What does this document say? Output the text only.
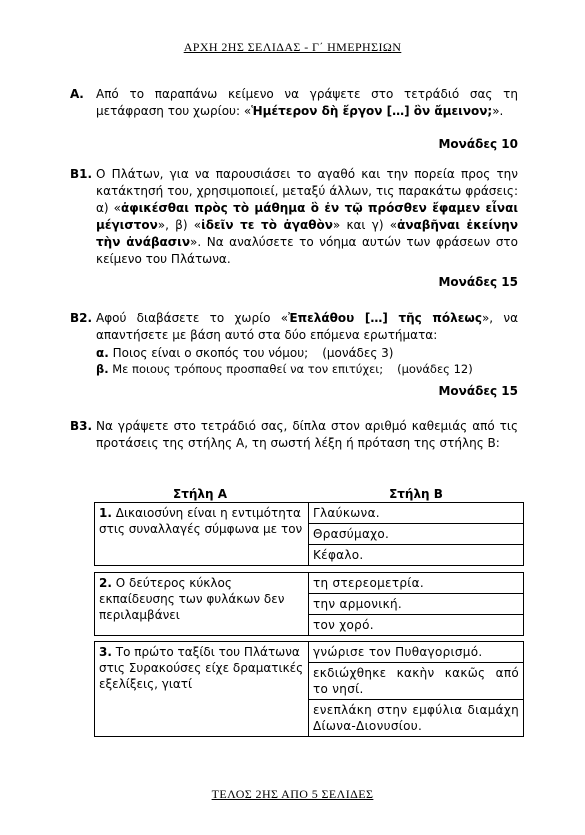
ΑΡΧΗ 2ΗΣ ΣΕΛΙΔΑΣ - Γ΄ ΗΜΕΡΗΣΙΩΝ
Α. Από το παραπάνω κείμενο να γράψετε στο τετράδιό σας τη μετάφραση του χωρίου: «Ἡμέτερον δὴ ἔργον […] ὂν ἄμεινον;».
Μονάδες 10
Β1. Ο Πλάτων, για να παρουσιάσει το αγαθό και την πορεία προς την κατάκτησή του, χρησιμοποιεί, μεταξύ άλλων, τις παρακάτω φράσεις: α) «ἀφικέσθαι πρὸς τὸ μάθημα ὃ ἐν τῷ πρόσθεν ἔφαμεν εἶναι μέγιστον», β) «ἰδεῖν τε τὸ ἀγαθὸν» και γ) «ἀναβῆναι ἐκείνην τὴν ἀνάβασιν». Να αναλύσετε το νόημα αυτών των φράσεων στο κείμενο του Πλάτωνα.
Μονάδες 15
Β2. Αφού διαβάσετε το χωρίο «Ἐπελάθου […] τῆς πόλεως», να απαντήσετε με βάση αυτό στα δύο επόμενα ερωτήματα:
α. Ποιος είναι ο σκοπός του νόμου; (μονάδες 3)
β. Με ποιους τρόπους προσπαθεί να τον επιτύχει; (μονάδες 12)
Μονάδες 15
Β3. Να γράψετε στο τετράδιό σας, δίπλα στον αριθμό καθεμιάς από τις προτάσεις της στήλης Α, τη σωστή λέξη ή πρόταση της στήλης Β:
Στήλη Α	Στήλη Β
1. Δικαιοσύνη είναι η εντιμότητα στις συναλλαγές σύμφωνα με τον	Γλαύκωνα.
Θρασύμαχο.
Κέφαλο.
2. Ο δεύτερος κύκλος εκπαίδευσης των φυλάκων δεν περιλαμβάνει	τη στερεομετρία.
την αρμονική.
τον χορό.
3. Το πρώτο ταξίδι του Πλάτωνα στις Συρακούσες είχε δραματικές εξελίξεις, γιατί	γνώρισε τον Πυθαγορισμό.
εκδιώχθηκε κακὴν κακῶς από το νησί.
ενεπλάκη στην εμφύλια διαμάχη Δίωνα-Διονυσίου.
ΤΕΛΟΣ 2ΗΣ ΑΠΟ 5 ΣΕΛΙΔΕΣ
